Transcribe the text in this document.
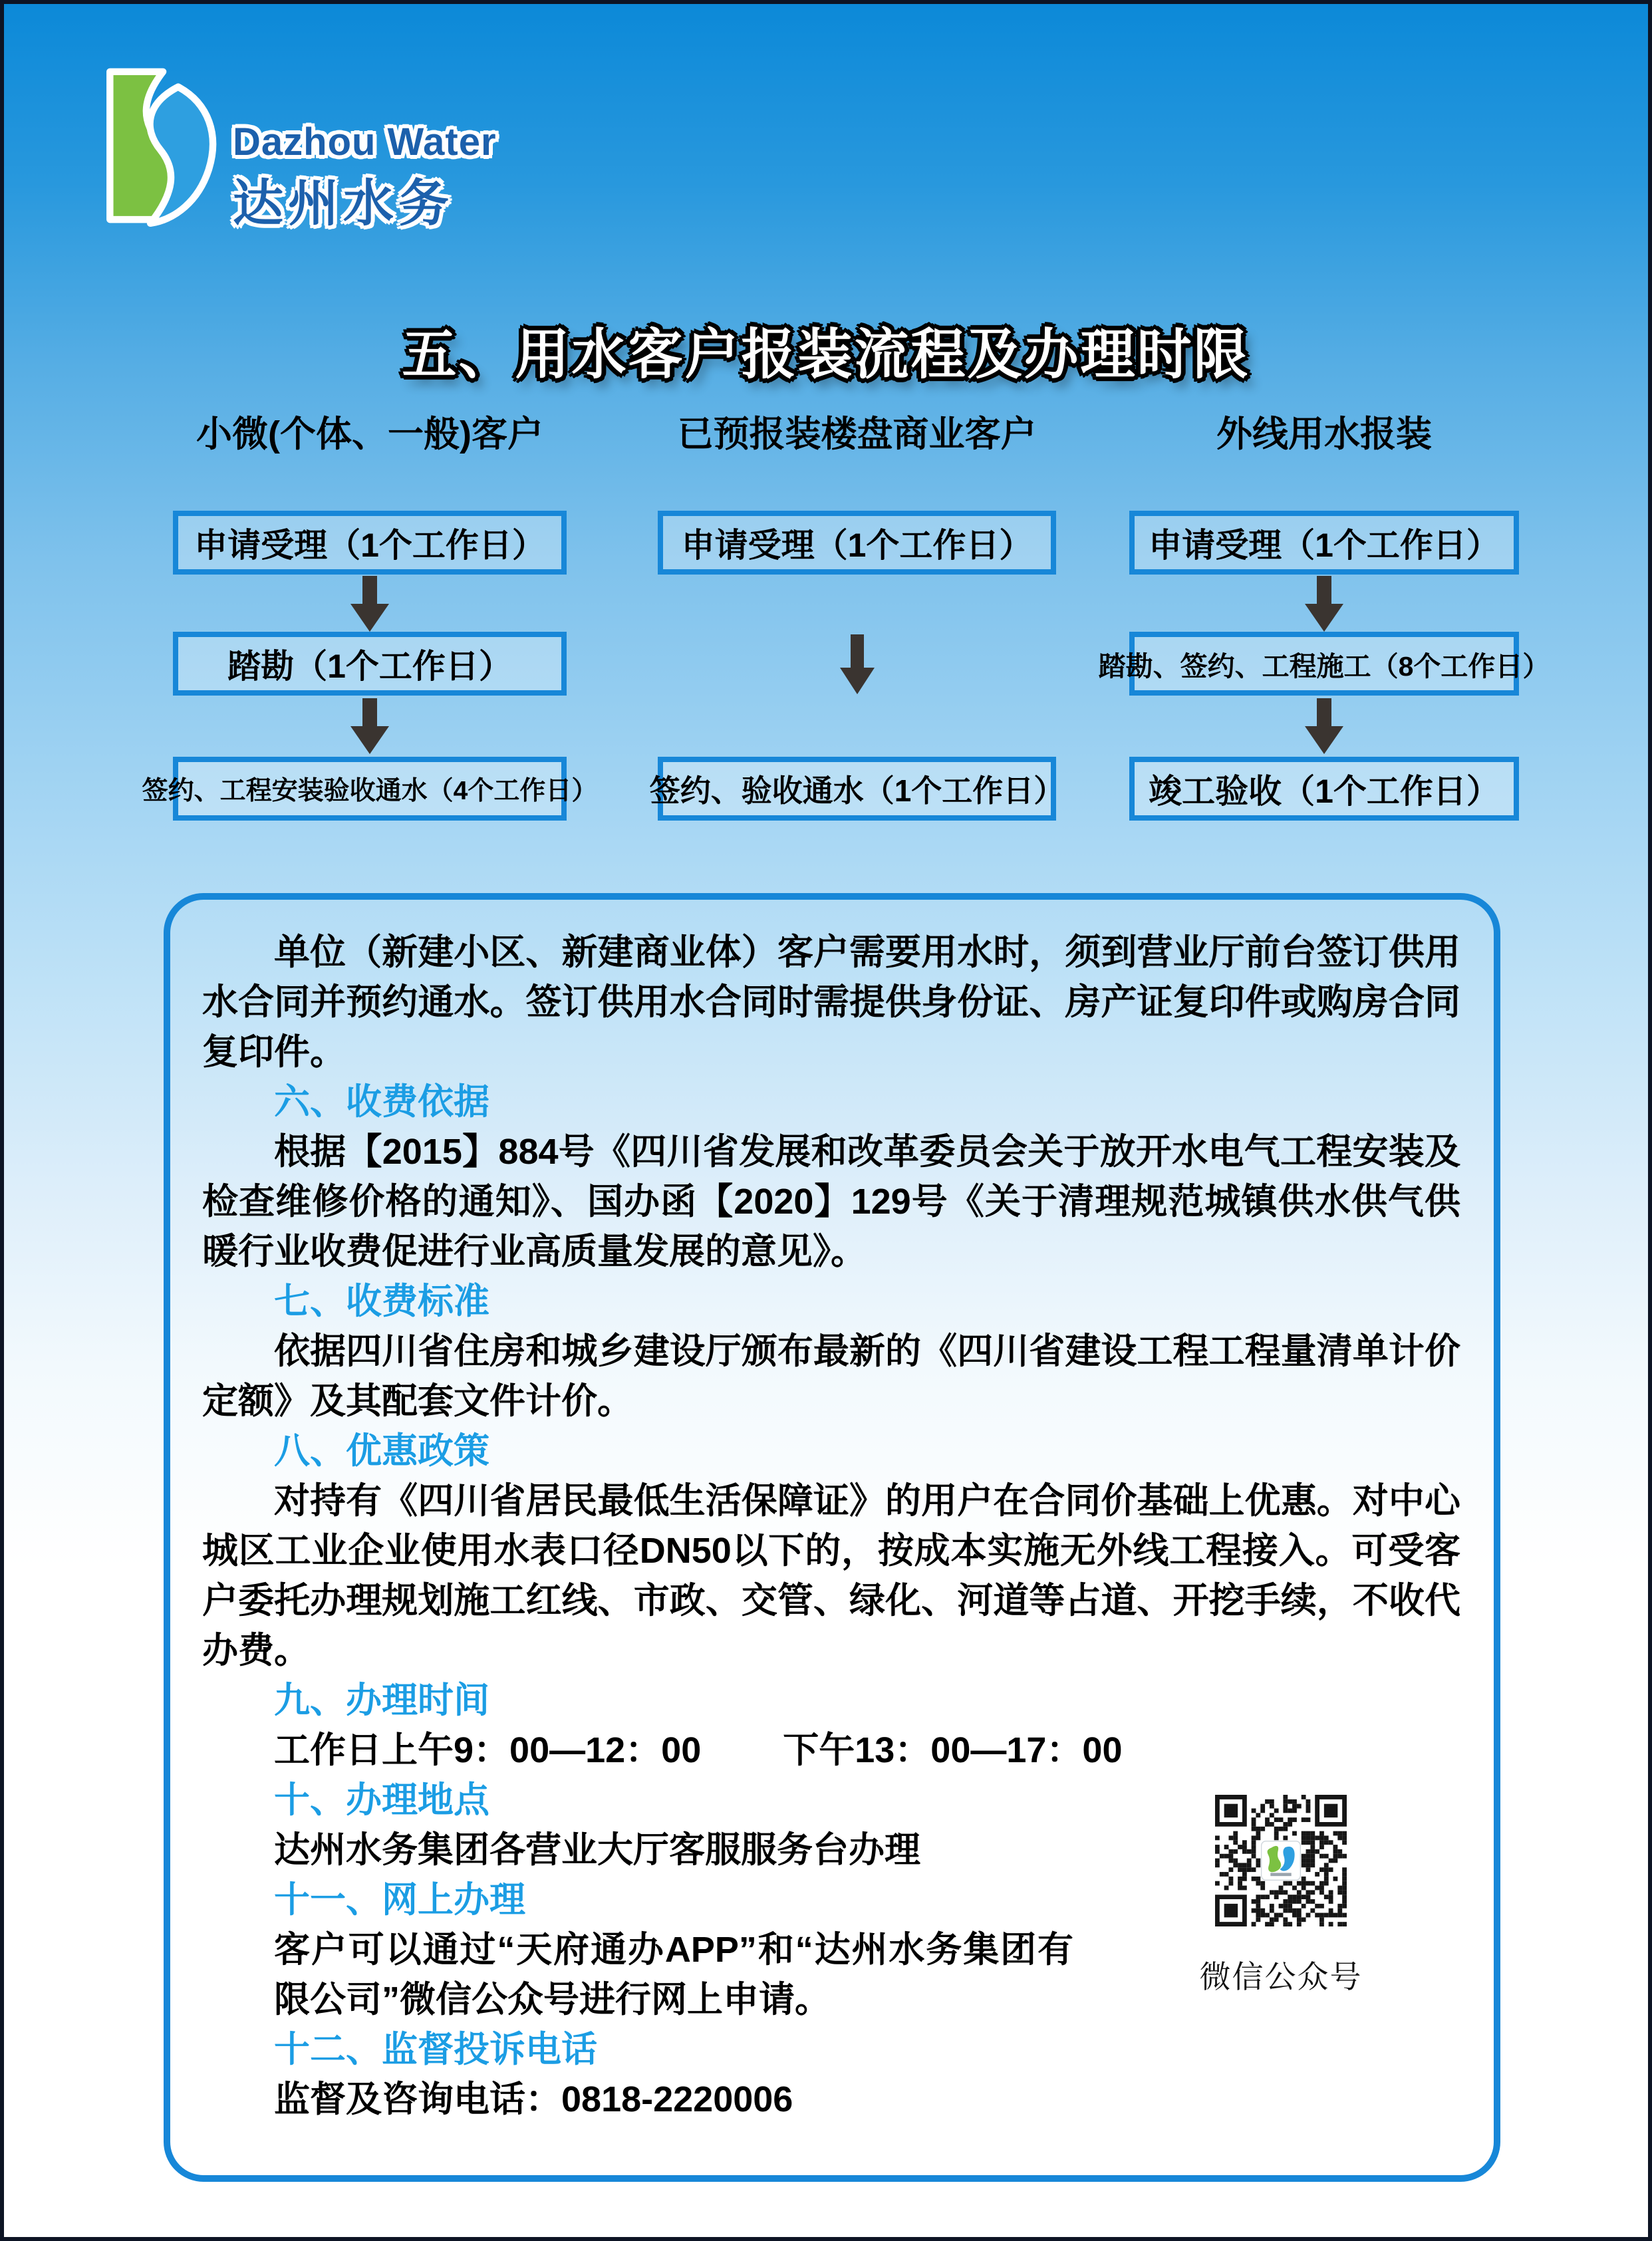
Dazhou Water
达州水务
五、用水客户报装流程及办理时限
小微(个体、一般)客户
申请受理（1个工作日）
踏勘（1个工作日）
签约、工程安装验收通水（4个工作日）
已预报装楼盘商业客户
申请受理（1个工作日）
签约、验收通水（1个工作日）
外线用水报装
申请受理（1个工作日）
踏勘、签约、工程施工（8个工作日）
竣工验收（1个工作日）

单位（新建小区、新建商业体）客户需要用水时，须到营业厅前台签订供用水合同并预约通水。签订供用水合同时需提供身份证、房产证复印件或购房合同复印件。

六、收费依据

根据【2015】884号《四川省发展和改革委员会关于放开水电气工程安装及检查维修价格的通知》、国办函【2020】129号《关于清理规范城镇供水供气供暖行业收费促进行业高质量发展的意见》。

七、收费标准

依据四川省住房和城乡建设厅颁布最新的《四川省建设工程工程量清单计价定额》及其配套文件计价。

八、优惠政策

对持有《四川省居民最低生活保障证》的用户在合同价基础上优惠。对中心城区工业企业使用水表口径DN50以下的，按成本实施无外线工程接入。可受客户委托办理规划施工红线、市政、交管、绿化、河道等占道、开挖手续，不收代办费。

九、办理时间

工作日上午9：00—12：00　　 下午13：00—17：00

十、办理地点

达州水务集团各营业大厅客服服务台办理

十一、网上办理

客户可以通过“天府通办APP”和“达州水务集团有限公司”微信公众号进行网上申请。

十二、监督投诉电话

监督及咨询电话：0818-2220006

微信公众号
